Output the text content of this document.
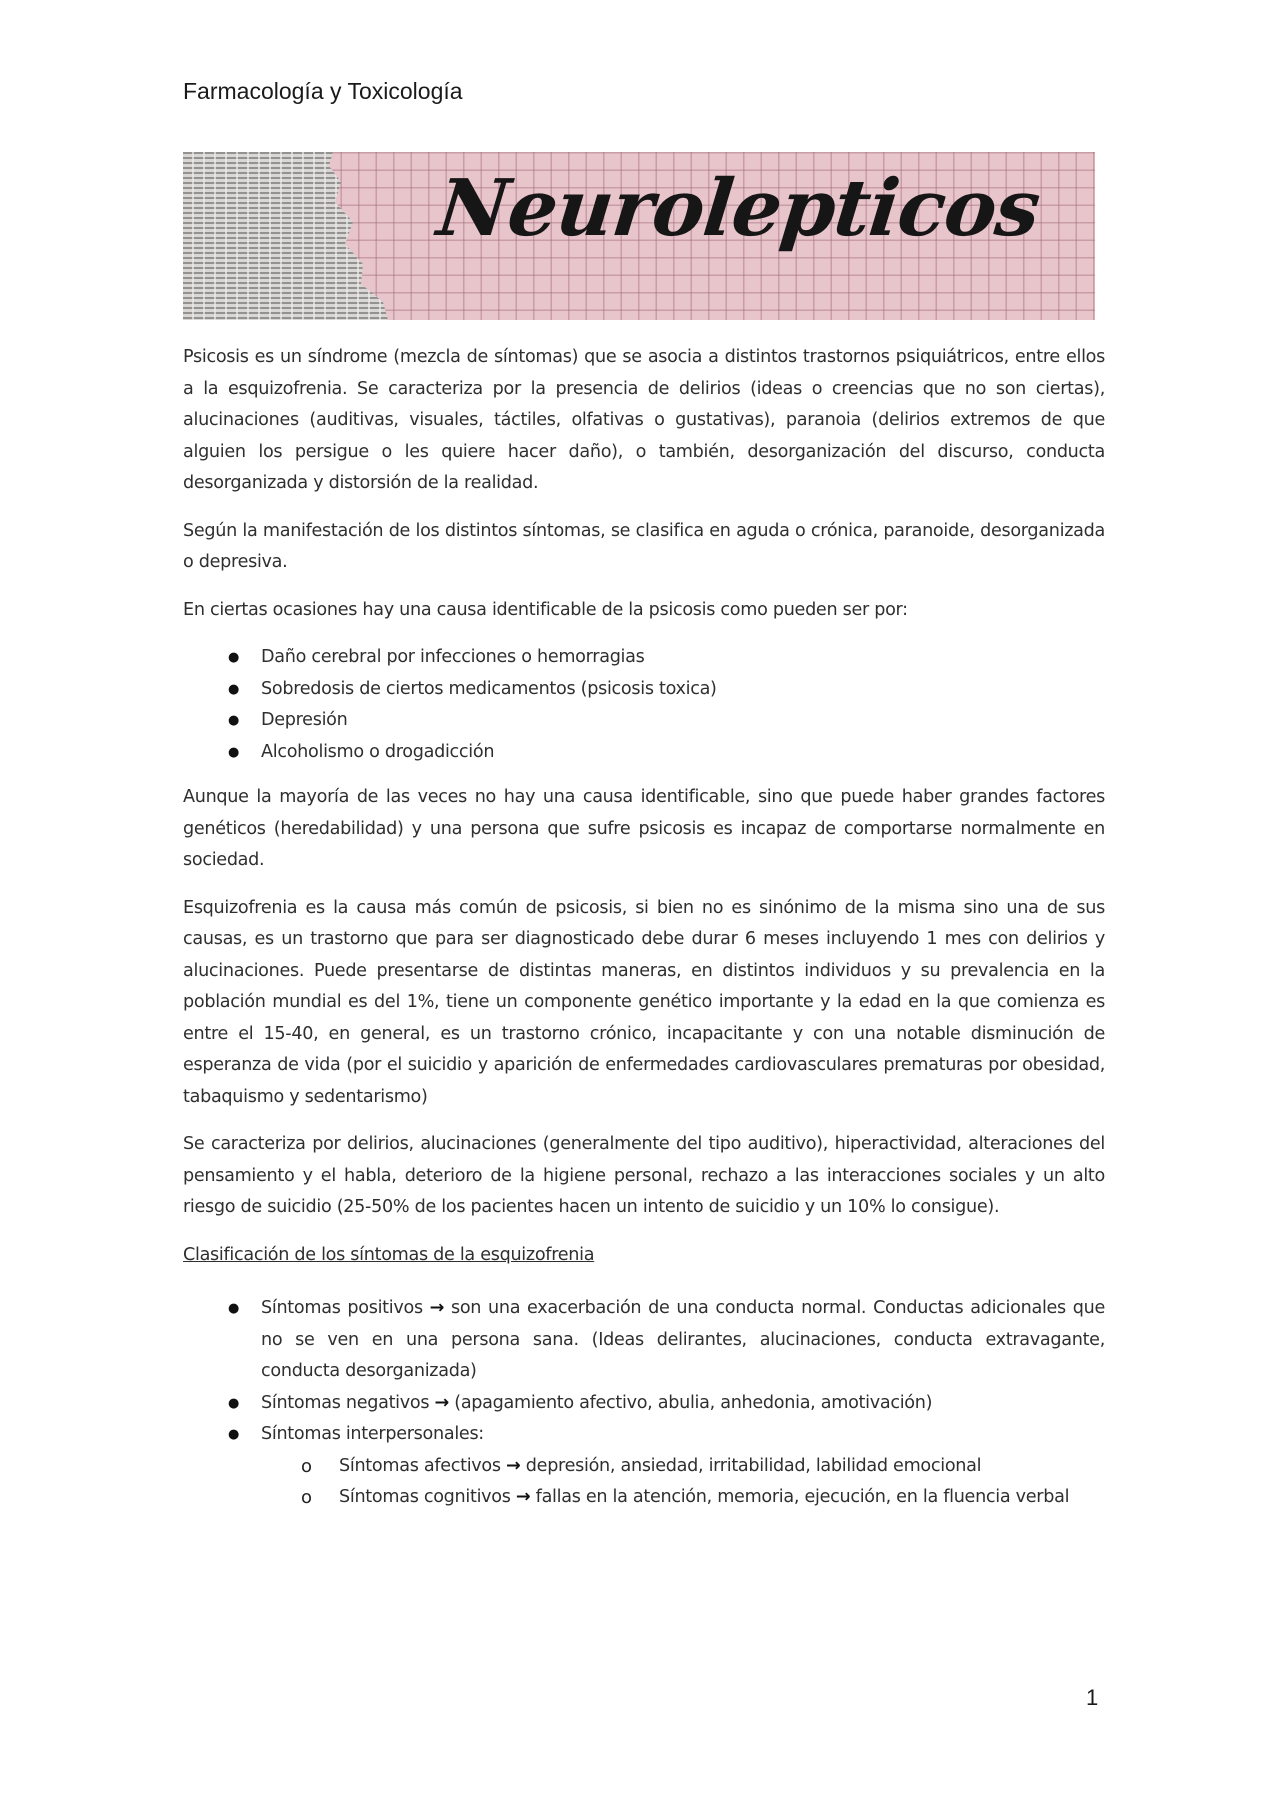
Farmacología y Toxicología
Neurolepticos

Psicosis es un síndrome (mezcla de síntomas) que se asocia a distintos trastornos psiquiátricos, entre ellos a la esquizofrenia. Se caracteriza por la presencia de delirios (ideas o creencias que no son ciertas), alucinaciones (auditivas, visuales, táctiles, olfativas o gustativas), paranoia (delirios extremos de que alguien los persigue o les quiere hacer daño), o también, desorganización del discurso, conducta desorganizada y distorsión de la realidad.

Según la manifestación de los distintos síntomas, se clasifica en aguda o crónica, paranoide, desorganizada o depresiva.

En ciertas ocasiones hay una causa identificable de la psicosis como pueden ser por:

● Daño cerebral por infecciones o hemorragias
● Sobredosis de ciertos medicamentos (psicosis toxica)
● Depresión
● Alcoholismo o drogadicción

Aunque la mayoría de las veces no hay una causa identificable, sino que puede haber grandes factores genéticos (heredabilidad) y una persona que sufre psicosis es incapaz de comportarse normalmente en sociedad.

Esquizofrenia es la causa más común de psicosis, si bien no es sinónimo de la misma sino una de sus causas, es un trastorno que para ser diagnosticado debe durar 6 meses incluyendo 1 mes con delirios y alucinaciones. Puede presentarse de distintas maneras, en distintos individuos y su prevalencia en la población mundial es del 1%, tiene un componente genético importante y la edad en la que comienza es entre el 15-40, en general, es un trastorno crónico, incapacitante y con una notable disminución de esperanza de vida (por el suicidio y aparición de enfermedades cardiovasculares prematuras por obesidad, tabaquismo y sedentarismo)

Se caracteriza por delirios, alucinaciones (generalmente del tipo auditivo), hiperactividad, alteraciones del pensamiento y el habla, deterioro de la higiene personal, rechazo a las interacciones sociales y un alto riesgo de suicidio (25-50% de los pacientes hacen un intento de suicidio y un 10% lo consigue).

Clasificación de los síntomas de la esquizofrenia
● Síntomas positivos → son una exacerbación de una conducta normal. Conductas adicionales que no se ven en una persona sana. (Ideas delirantes, alucinaciones, conducta extravagante, conducta desorganizada)
● Síntomas negativos → (apagamiento afectivo, abulia, anhedonia, amotivación)
● Síntomas interpersonales:
o Síntomas afectivos → depresión, ansiedad, irritabilidad, labilidad emocional
o Síntomas cognitivos → fallas en la atención, memoria, ejecución, en la fluencia verbal
1
